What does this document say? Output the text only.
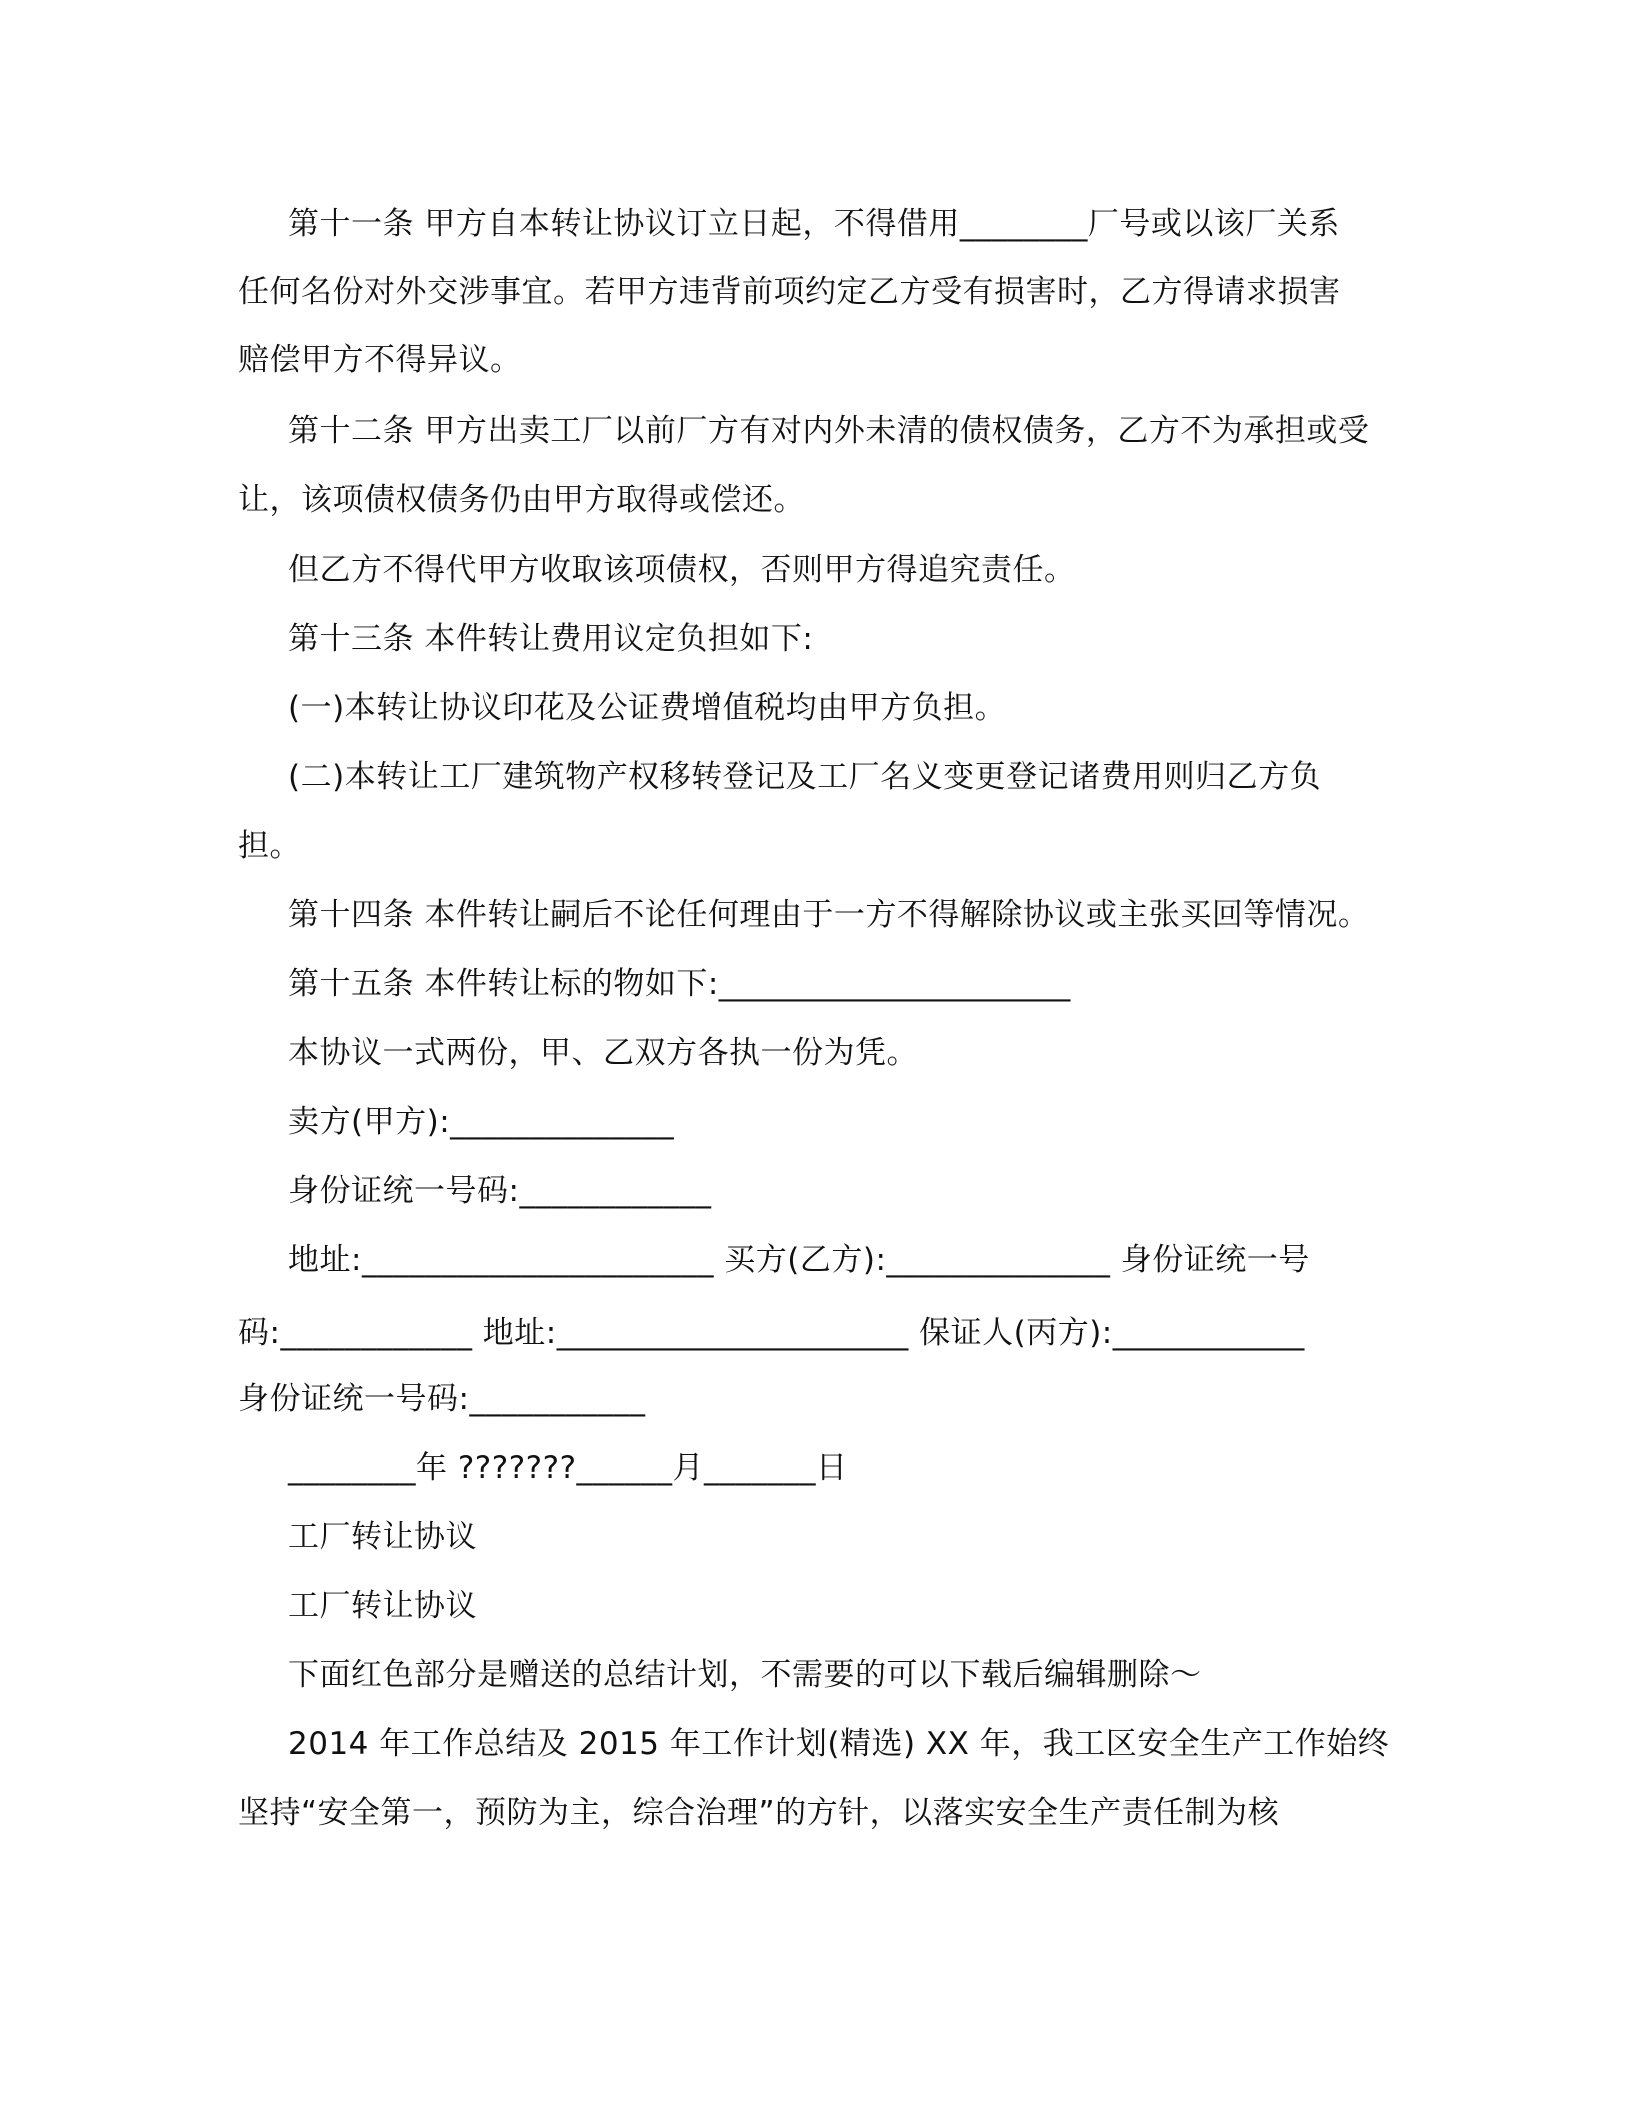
第十一条 甲方自本转让协议订立日起，不得借用________厂号或以该厂关系
任何名份对外交涉事宜。若甲方违背前项约定乙方受有损害时，乙方得请求损害
赔偿甲方不得异议。
第十二条 甲方出卖工厂以前厂方有对内外未清的债权债务，乙方不为承担或受
让，该项债权债务仍由甲方取得或偿还。
但乙方不得代甲方收取该项债权，否则甲方得追究责任。
第十三条 本件转让费用议定负担如下:
(一)本转让协议印花及公证费增值税均由甲方负担。
(二)本转让工厂建筑物产权移转登记及工厂名义变更登记诸费用则归乙方负
担。
第十四条 本件转让嗣后不论任何理由于一方不得解除协议或主张买回等情况。
第十五条 本件转让标的物如下:______________________
本协议一式两份，甲、乙双方各执一份为凭。
卖方(甲方):______________
身份证统一号码:____________
地址:______________________ 买方(乙方):______________ 身份证统一号
码:____________ 地址:______________________ 保证人(丙方):____________
身份证统一号码:___________
________年 ???????______月_______日
工厂转让协议
工厂转让协议
下面红色部分是赠送的总结计划，不需要的可以下载后编辑删除～
2014 年工作总结及 2015 年工作计划(精选) XX 年，我工区安全生产工作始终
坚持“安全第一，预防为主，综合治理”的方针，以落实安全生产责任制为核
